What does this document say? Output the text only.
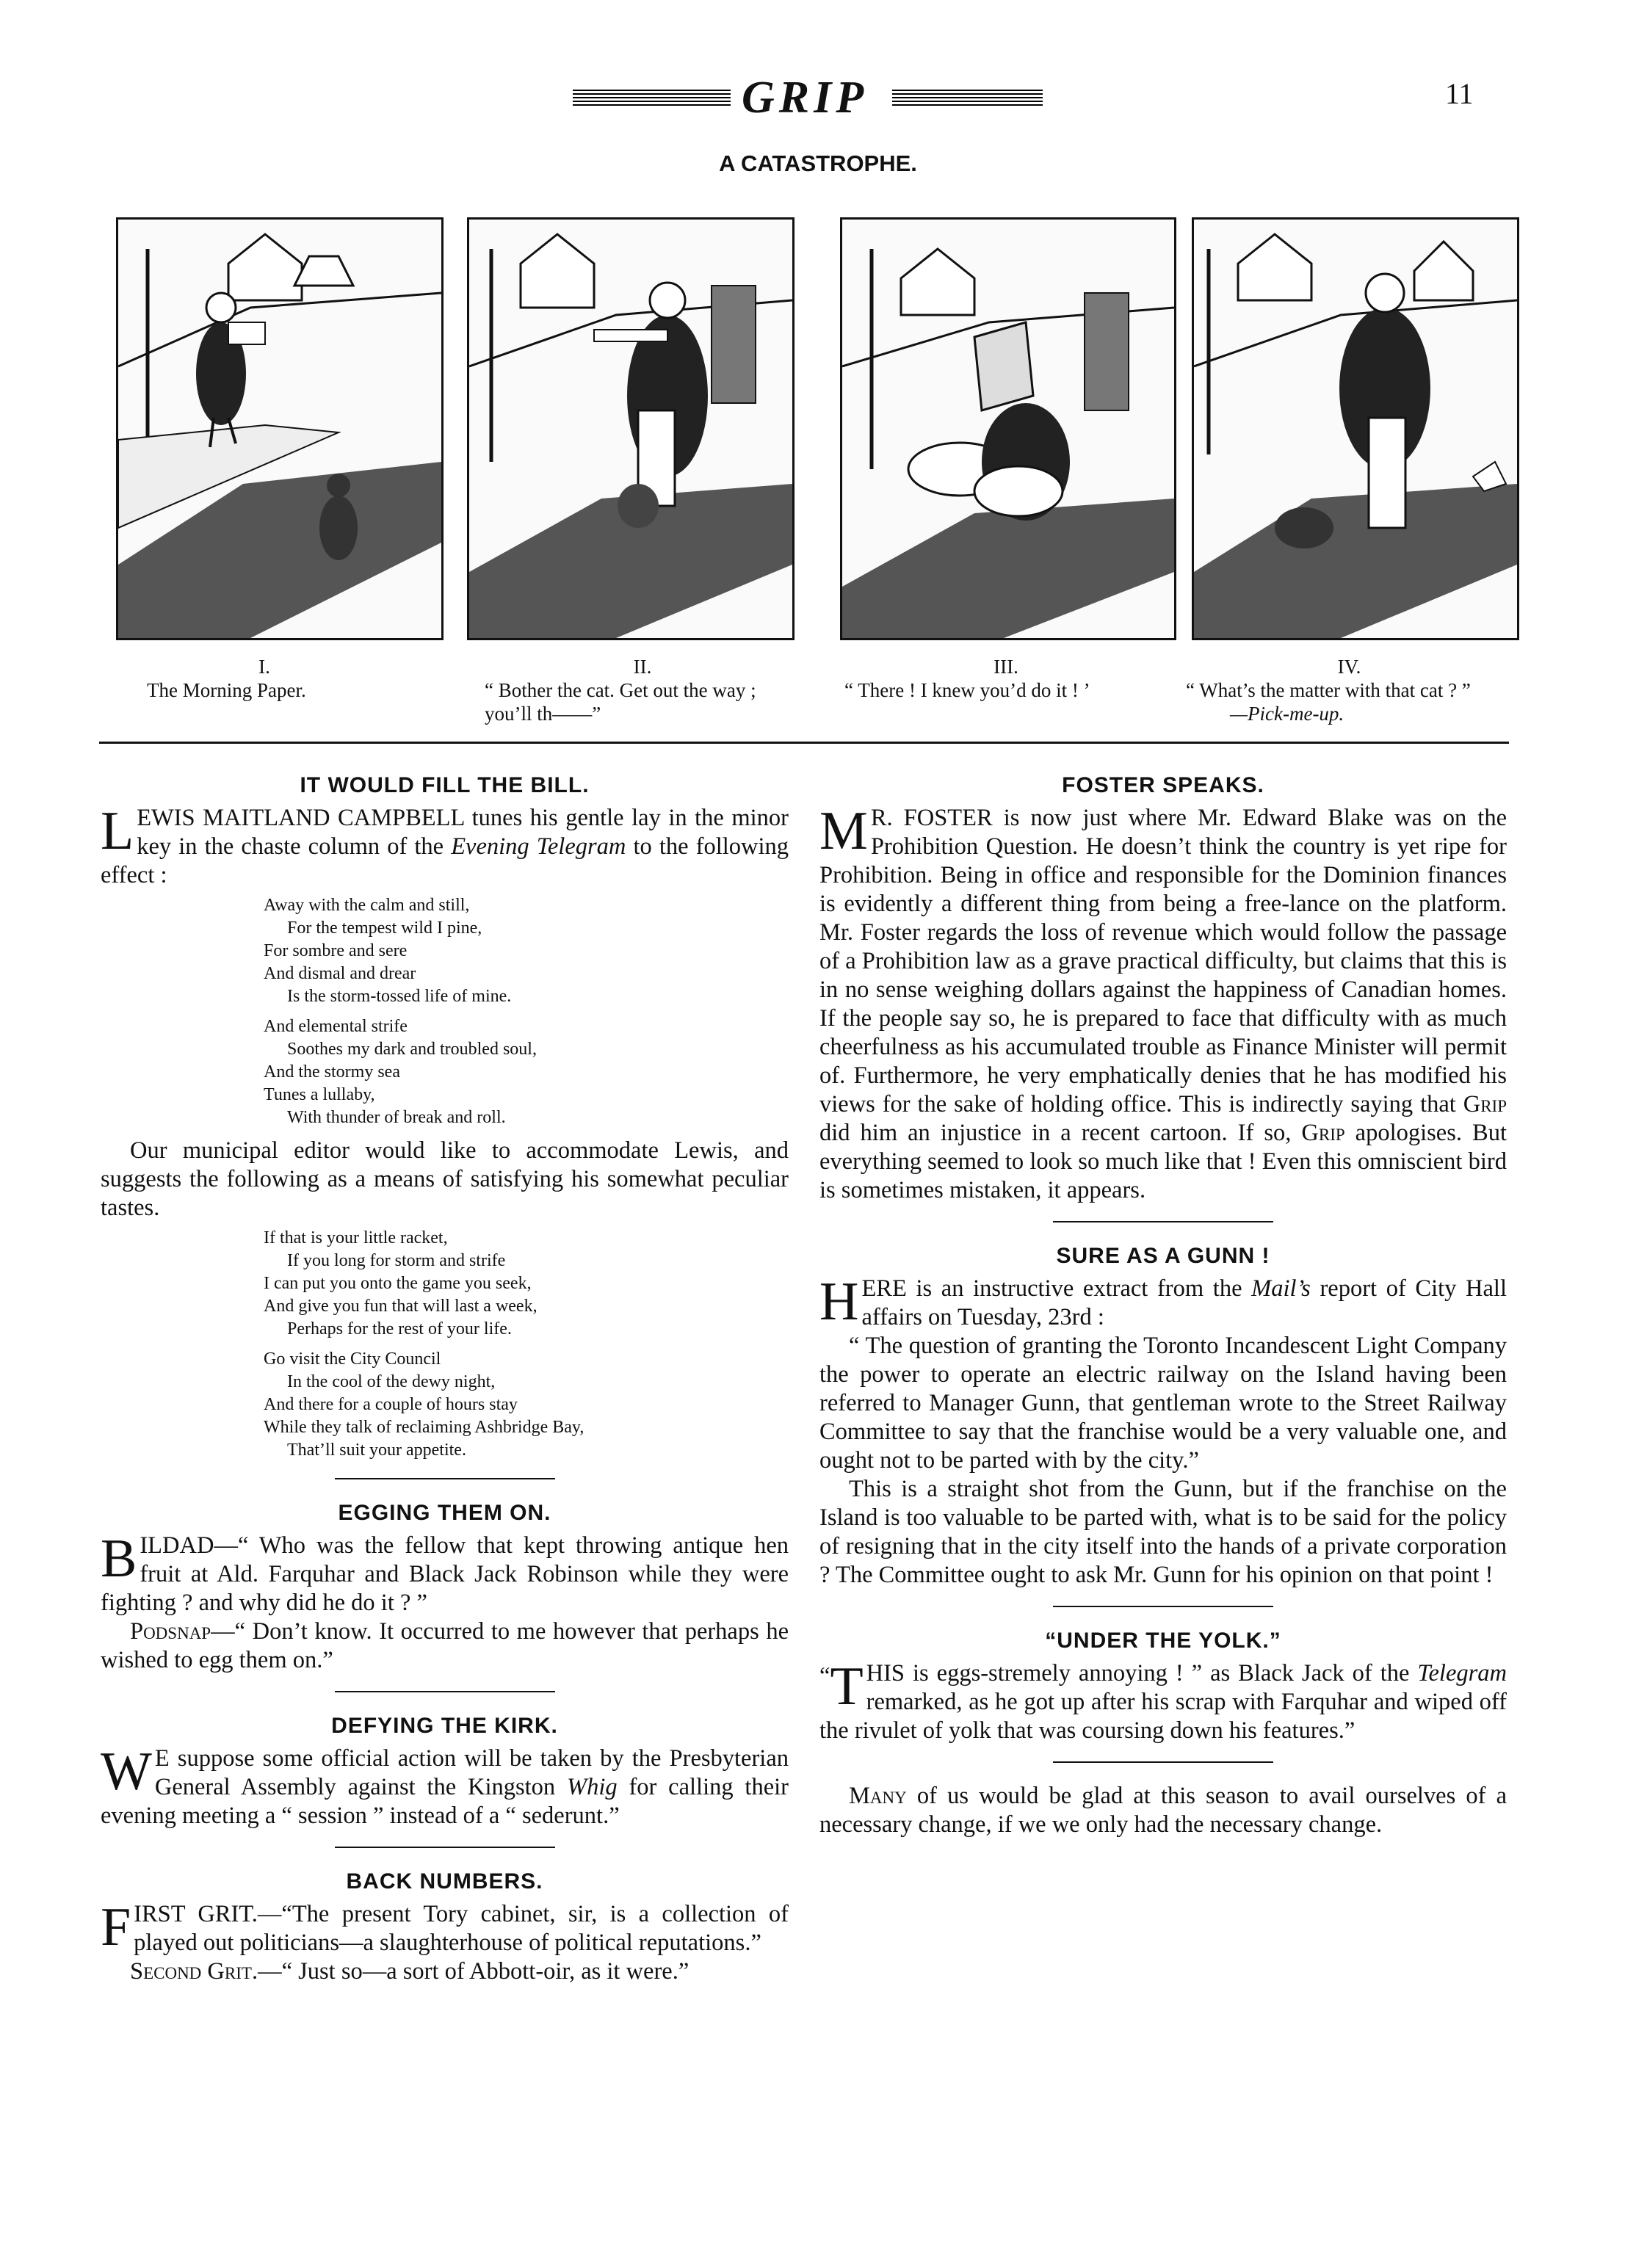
GRIP	11
A CATASTROPHE.
I.
The Morning Paper.
II.
“ Bother the cat. Get out the way ; you’ll th——”
III.
“ There ! I knew you’d do it ! ’
IV.
“ What’s the matter with that cat ? ” —Pick-me-up.
IT WOULD FILL THE BILL.

LEWIS MAITLAND CAMPBELL tunes his gentle lay in the minor key in the chaste column of the Evening Telegram to the following effect :

Away with the calm and still,
For the tempest wild I pine,
For sombre and sere
And dismal and drear
Is the storm-tossed life of mine.
And elemental strife
Soothes my dark and troubled soul,
And the stormy sea
Tunes a lullaby,
With thunder of break and roll.

Our municipal editor would like to accommodate Lewis, and suggests the following as a means of satisfying his somewhat peculiar tastes.

If that is your little racket,
If you long for storm and strife
I can put you onto the game you seek,
And give you fun that will last a week,
Perhaps for the rest of your life.
Go visit the City Council
In the cool of the dewy night,
And there for a couple of hours stay
While they talk of reclaiming Ashbridge Bay,
That’ll suit your appetite.
EGGING THEM ON.

BILDAD—“ Who was the fellow that kept throwing antique hen fruit at Ald. Farquhar and Black Jack Robinson while they were fighting ? and why did he do it ? ”

Podsnap—“ Don’t know. It occurred to me however that perhaps he wished to egg them on.”

DEFYING THE KIRK.

W E suppose some official action will be taken by the Presbyterian General Assembly against the Kingston Whig for calling their evening meeting a “ session ” instead of a “ sederunt.”

BACK NUMBERS.

FIRST GRIT.—“The present Tory cabinet, sir, is a collection of played out politicians—a slaughterhouse of political reputations.”

Second Grit.—“ Just so—a sort of Abbott-oir, as it were.”

FOSTER SPEAKS.

M R. FOSTER is now just where Mr. Edward Blake was on the Prohibition Question. He doesn’t think the country is yet ripe for Prohibition. Being in office and responsible for the Dominion finances is evidently a different thing from being a free-lance on the platform. Mr. Foster regards the loss of revenue which would follow the passage of a Prohibition law as a grave practical difficulty, but claims that this is in no sense weighing dollars against the happiness of Canadian homes. If the people say so, he is prepared to face that difficulty with as much cheerfulness as his accumulated trouble as Finance Minister will permit of. Furthermore, he very emphatically denies that he has modified his views for the sake of holding office. This is indirectly saying that Grip did him an injustice in a recent cartoon. If so, Grip apologises. But everything seemed to look so much like that ! Even this omniscient bird is sometimes mistaken, it appears.

SURE AS A GUNN !

HERE is an instructive extract from the Mail’s report of City Hall affairs on Tuesday, 23rd :

“ The question of granting the Toronto Incandescent Light Company the power to operate an electric railway on the Island having been referred to Manager Gunn, that gentleman wrote to the Street Railway Committee to say that the franchise would be a very valuable one, and ought not to be parted with by the city.”

This is a straight shot from the Gunn, but if the franchise on the Island is too valuable to be parted with, what is to be said for the policy of resigning that in the city itself into the hands of a private corporation ? The Committee ought to ask Mr. Gunn for his opinion on that point !

“UNDER THE YOLK.”

“ T HIS is eggs-stremely annoying ! ” as Black Jack of the Telegram remarked, as he got up after his scrap with Farquhar and wiped off the rivulet of yolk that was coursing down his features.”

Many of us would be glad at this season to avail ourselves of a necessary change, if we we only had the necessary change.
